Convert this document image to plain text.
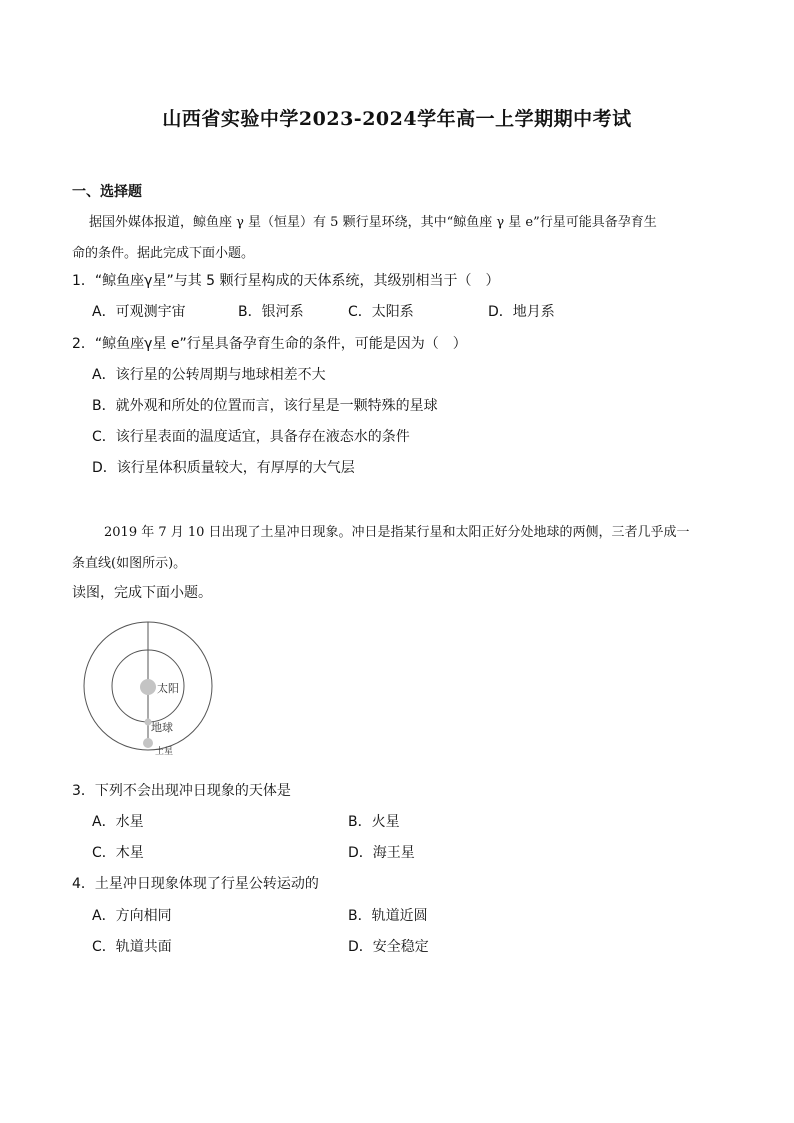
山西省实验中学2023-2024学年高一上学期期中考试
一、选择题
据国外媒体报道，鲸鱼座 γ 星（恒星）有 5 颗行星环绕，其中“鲸鱼座 γ 星 e”行星可能具备孕育生
命的条件。据此完成下面小题。
1．“鲸鱼座γ星”与其 5 颗行星构成的天体系统，其级别相当于（　）
A．可观测宇宙	B．银河系	C．太阳系	D．地月系
2．“鲸鱼座γ星 e”行星具备孕育生命的条件，可能是因为（　）
A．该行星的公转周期与地球相差不大
B．就外观和所处的位置而言，该行星是一颗特殊的星球
C．该行星表面的温度适宜，具备存在液态水的条件
D．该行星体积质量较大，有厚厚的大气层
2019 年 7 月 10 日出现了土星冲日现象。冲日是指某行星和太阳正好分处地球的两侧，三者几乎成一
条直线(如图所示)。
读图，完成下面小题。
太阳
地球
土星
3．下列不会出现冲日现象的天体是
A．水星	B．火星
C．木星	D．海王星
4．土星冲日现象体现了行星公转运动的
A．方向相同	B．轨道近圆
C．轨道共面	D．安全稳定
